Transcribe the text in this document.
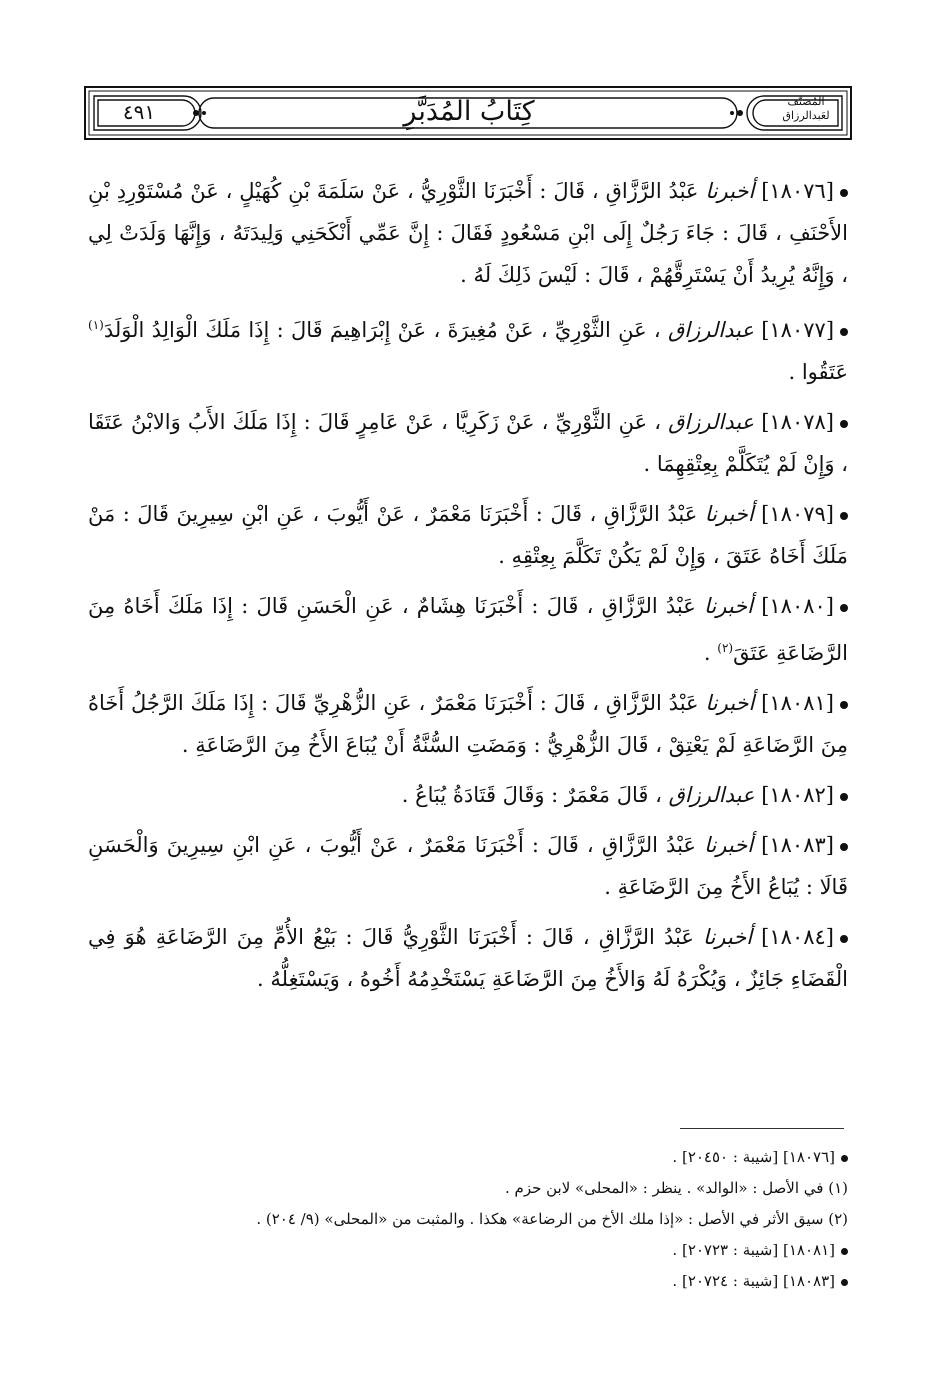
كِتَابُ المُدَبَّرِ
٤٩١	المُصَنَّف لعَبدالرزاق
[١٨٠٧٦] أخبرنا عَبْدُ الرَّزَّاقِ ، قَالَ : أَخْبَرَنَا الثَّوْرِيُّ ، عَنْ سَلَمَةَ بْنِ كُهَيْلٍ ، عَنْ مُسْتَوْرِدِ بْنِ الأَحْنَفِ ، قَالَ : جَاءَ رَجُلٌ إِلَى ابْنِ مَسْعُودٍ فَقَالَ : إِنَّ عَمِّي أَنْكَحَنِي وَلِيدَتَهُ ، وَإِنَّهَا وَلَدَتْ لِي ، وَإِنَّهُ يُرِيدُ أَنْ يَسْتَرِقَّهُمْ ، قَالَ : لَيْسَ ذَلِكَ لَهُ .
[١٨٠٧٧] عبدالرزاق ، عَنِ الثَّوْرِيِّ ، عَنْ مُغِيرَةَ ، عَنْ إِبْرَاهِيمَ قَالَ : إِذَا مَلَكَ الْوَالِدُ الْوَلَدَ$^{(١)}$ عَتَقُوا .
[١٨٠٧٨] عبدالرزاق ، عَنِ الثَّوْرِيِّ ، عَنْ زَكَرِيَّا ، عَنْ عَامِرٍ قَالَ : إِذَا مَلَكَ الأَبُ وَالابْنُ عَتَقَا ، وَإِنْ لَمْ يُتَكَلَّمْ بِعِتْقِهِمَا .
[١٨٠٧٩] أخبرنا عَبْدُ الرَّزَّاقِ ، قَالَ : أَخْبَرَنَا مَعْمَرٌ ، عَنْ أَيُّوبَ ، عَنِ ابْنِ سِيرِينَ قَالَ : مَنْ مَلَكَ أَخَاهُ عَتَقَ ، وَإِنْ لَمْ يَكُنْ تَكَلَّمَ بِعِتْقِهِ .
[١٨٠٨٠] أخبرنا عَبْدُ الرَّزَّاقِ ، قَالَ : أَخْبَرَنَا هِشَامٌ ، عَنِ الْحَسَنِ قَالَ : إِذَا مَلَكَ أَخَاهُ مِنَ الرَّضَاعَةِ عَتَقَ$^{(٢)}$ .
[١٨٠٨١] أخبرنا عَبْدُ الرَّزَّاقِ ، قَالَ : أَخْبَرَنَا مَعْمَرٌ ، عَنِ الزُّهْرِيِّ قَالَ : إِذَا مَلَكَ الرَّجُلُ أَخَاهُ مِنَ الرَّضَاعَةِ لَمْ يَعْتِقْ ، قَالَ الزُّهْرِيُّ : وَمَضَتِ السُّنَّةُ أَنْ يُبَاعَ الأَخُ مِنَ الرَّضَاعَةِ .
[١٨٠٨٢] عبدالرزاق ، قَالَ مَعْمَرٌ : وَقَالَ قَتَادَةُ يُبَاعُ .
[١٨٠٨٣] أخبرنا عَبْدُ الرَّزَّاقِ ، قَالَ : أَخْبَرَنَا مَعْمَرٌ ، عَنْ أَيُّوبَ ، عَنِ ابْنِ سِيرِينَ وَالْحَسَنِ قَالَا : يُبَاعُ الأَخُ مِنَ الرَّضَاعَةِ .
[١٨٠٨٤] أخبرنا عَبْدُ الرَّزَّاقِ ، قَالَ : أَخْبَرَنَا الثَّوْرِيُّ قَالَ : بَيْعُ الأُمِّ مِنَ الرَّضَاعَةِ هُوَ فِي الْقَضَاءِ جَائِزٌ ، وَيُكْرَهُ لَهُ وَالأَخُ مِنَ الرَّضَاعَةِ يَسْتَخْدِمُهُ أَخُوهُ ، وَيَسْتَغِلُّهُ .
[١٨٠٧٦] [شيبة : ٢٠٤٥٠] .
(١) في الأصل : «الوالد» . ينظر : «المحلى» لابن حزم .
(٢) سيق الأثر في الأصل : «إذا ملك الأخ من الرضاعة» هكذا . والمثبت من «المحلى» (٩/ ٢٠٤) .
[١٨٠٨١] [شيبة : ٢٠٧٢٣] .
[١٨٠٨٣] [شيبة : ٢٠٧٢٤] .
